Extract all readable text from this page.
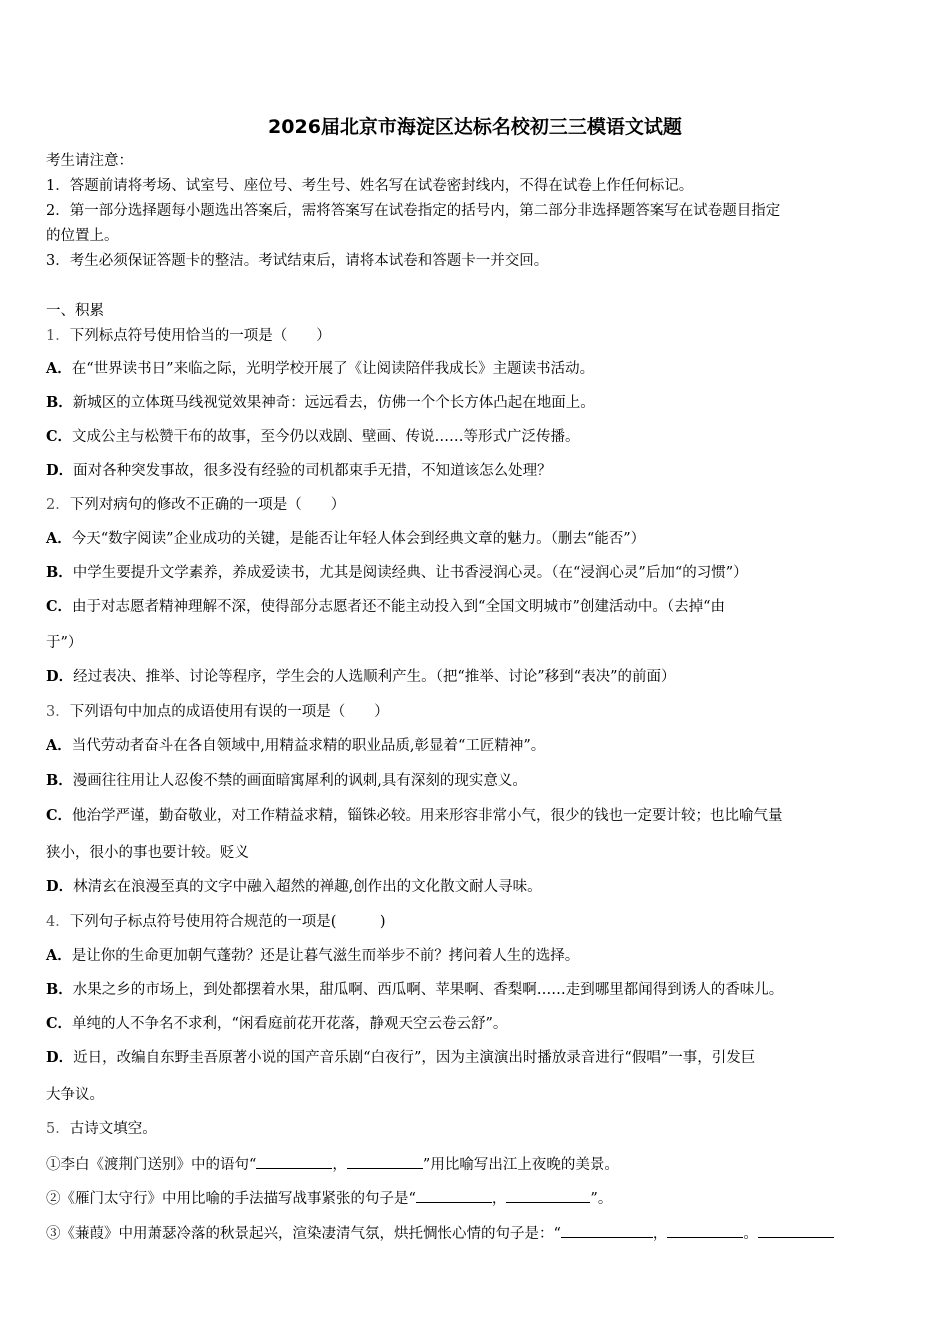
2026届北京市海淀区达标名校初三三模语文试题
考生请注意：
1．答题前请将考场、试室号、座位号、考生号、姓名写在试卷密封线内，不得在试卷上作任何标记。
2．第一部分选择题每小题选出答案后，需将答案写在试卷指定的括号内，第二部分非选择题答案写在试卷题目指定
的位置上。
3．考生必须保证答题卡的整洁。考试结束后，请将本试卷和答题卡一并交回。
一、积累
1．下列标点符号使用恰当的一项是（　　）
A．在“世界读书日”来临之际，光明学校开展了《让阅读陪伴我成长》主题读书活动。
B．新城区的立体斑马线视觉效果神奇：远远看去，仿佛一个个长方体凸起在地面上。
C．文成公主与松赞干布的故事，至今仍以戏剧、壁画、传说……等形式广泛传播。
D．面对各种突发事故，很多没有经验的司机都束手无措，不知道该怎么处理？
2．下列对病句的修改不正确的一项是（　　）
A．今天“数字阅读”企业成功的关键，是能否让年轻人体会到经典文章的魅力。（删去“能否”）
B．中学生要提升文学素养，养成爱读书，尤其是阅读经典、让书香浸润心灵。（在“浸润心灵”后加“的习惯”）
C．由于对志愿者精神理解不深，使得部分志愿者还不能主动投入到“全国文明城市”创建活动中。（去掉“由
于”）
D．经过表决、推举、讨论等程序，学生会的人选顺利产生。（把“推举、讨论”移到“表决”的前面）
3．下列语句中加点的成语使用有误的一项是（　　）
A．当代劳动者奋斗在各自领域中,用精益求精的职业品质,彰显着“工匠精神”。
B．漫画往往用让人忍俊不禁的画面暗寓犀利的讽刺,具有深刻的现实意义。
C．他治学严谨，勤奋敬业，对工作精益求精，锱铢必较。用来形容非常小气，很少的钱也一定要计较；也比喻气量
狭小，很小的事也要计较。贬义
D．林清玄在浪漫至真的文字中融入超然的禅趣,创作出的文化散文耐人寻味。
4．下列句子标点符号使用符合规范的一项是(　　　)
A．是让你的生命更加朝气蓬勃？还是让暮气滋生而举步不前？拷问着人生的选择。
B．水果之乡的市场上，到处都摆着水果，甜瓜啊、西瓜啊、苹果啊、香梨啊……走到哪里都闻得到诱人的香味儿。
C．单纯的人不争名不求利，“闲看庭前花开花落，静观天空云卷云舒”。
D．近日，改编自东野圭吾原著小说的国产音乐剧“白夜行”，因为主演演出时播放录音进行“假唱”一事，引发巨
大争议。
5．古诗文填空。
①李白《渡荆门送别》中的语句“	，	”用比喻写出江上夜晚的美景。
②《雁门太守行》中用比喻的手法描写战事紧张的句子是“	，	”。
③《蒹葭》中用萧瑟冷落的秋景起兴，渲染凄清气氛，烘托惆怅心情的句子是：“	，	。
